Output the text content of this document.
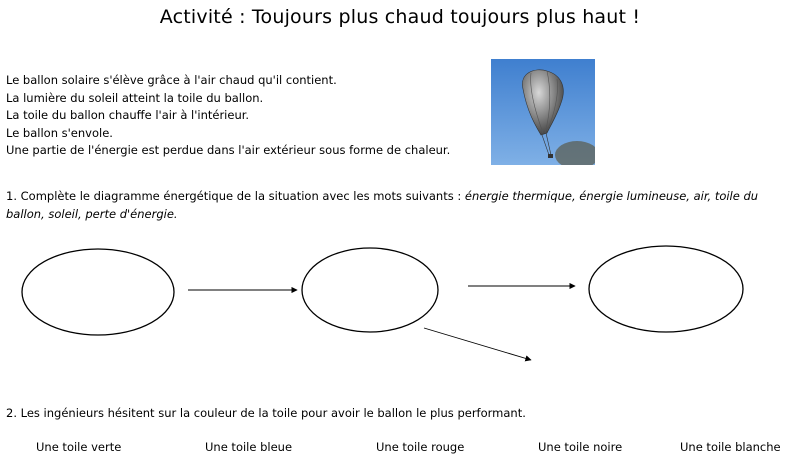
Activité : Toujours plus chaud toujours plus haut !
Le ballon solaire s'élève grâce à l'air chaud qu'il contient.
La lumière du soleil atteint la toile du ballon.
La toile du ballon chauffe l'air à l'intérieur.
Le ballon s'envole.
Une partie de l'énergie est perdue dans l'air extérieur sous forme de chaleur.
1. Complète le diagramme énergétique de la situation avec les mots suivants : énergie thermique, énergie lumineuse, air, toile du ballon, soleil, perte d'énergie.
2. Les ingénieurs hésitent sur la couleur de la toile pour avoir le ballon le plus performant.
Une toile verte	Une toile bleue	Une toile rouge	Une toile noire	Une toile blanche
